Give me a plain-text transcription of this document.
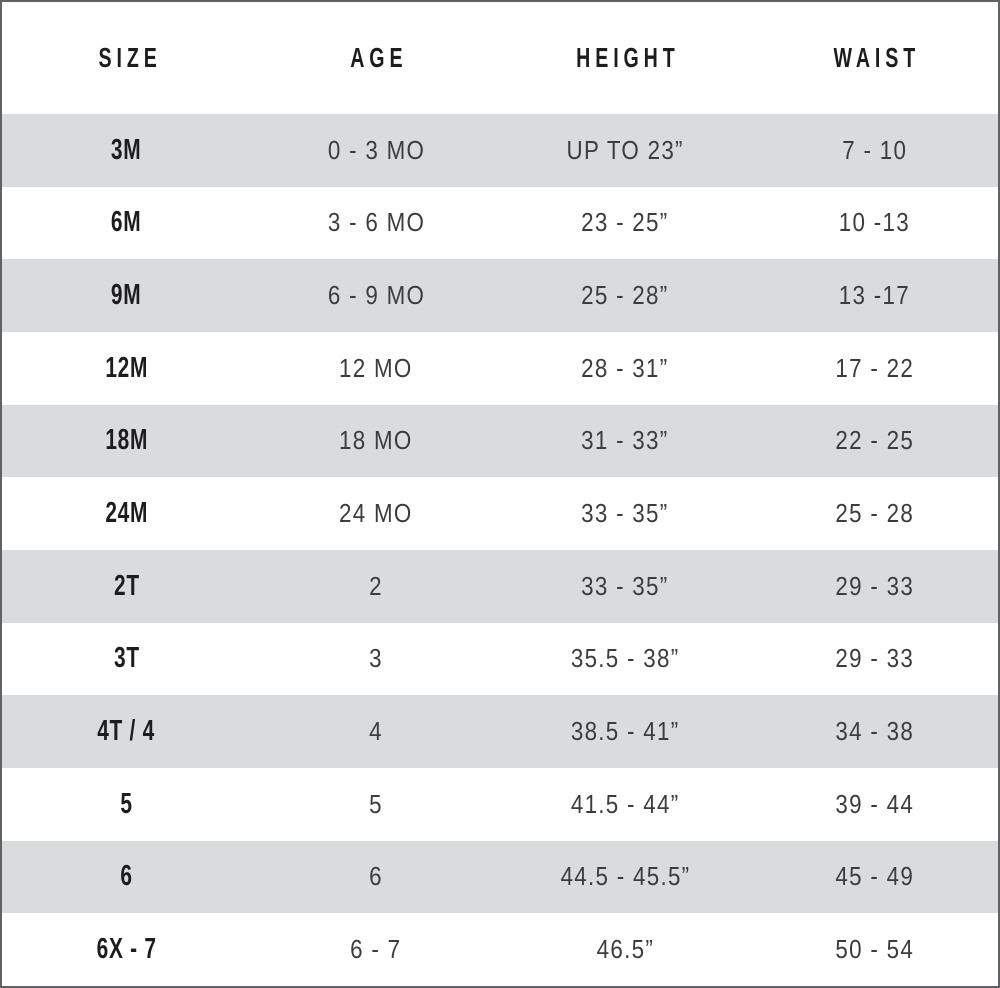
SIZE	AGE	HEIGHT	WAIST
3M	0 - 3 MO	UP TO 23”	7 - 10
6M	3 - 6 MO	23 - 25”	10 -13
9M	6 - 9 MO	25 - 28”	13 -17
12M	12 MO	28 - 31”	17 - 22
18M	18 MO	31 - 33”	22 - 25
24M	24 MO	33 - 35”	25 - 28
2T	2	33 - 35”	29 - 33
3T	3	35.5 - 38”	29 - 33
4T / 4	4	38.5 - 41”	34 - 38
5	5	41.5 - 44”	39 - 44
6	6	44.5 - 45.5”	45 - 49
6X - 7	6 - 7	46.5”	50 - 54
